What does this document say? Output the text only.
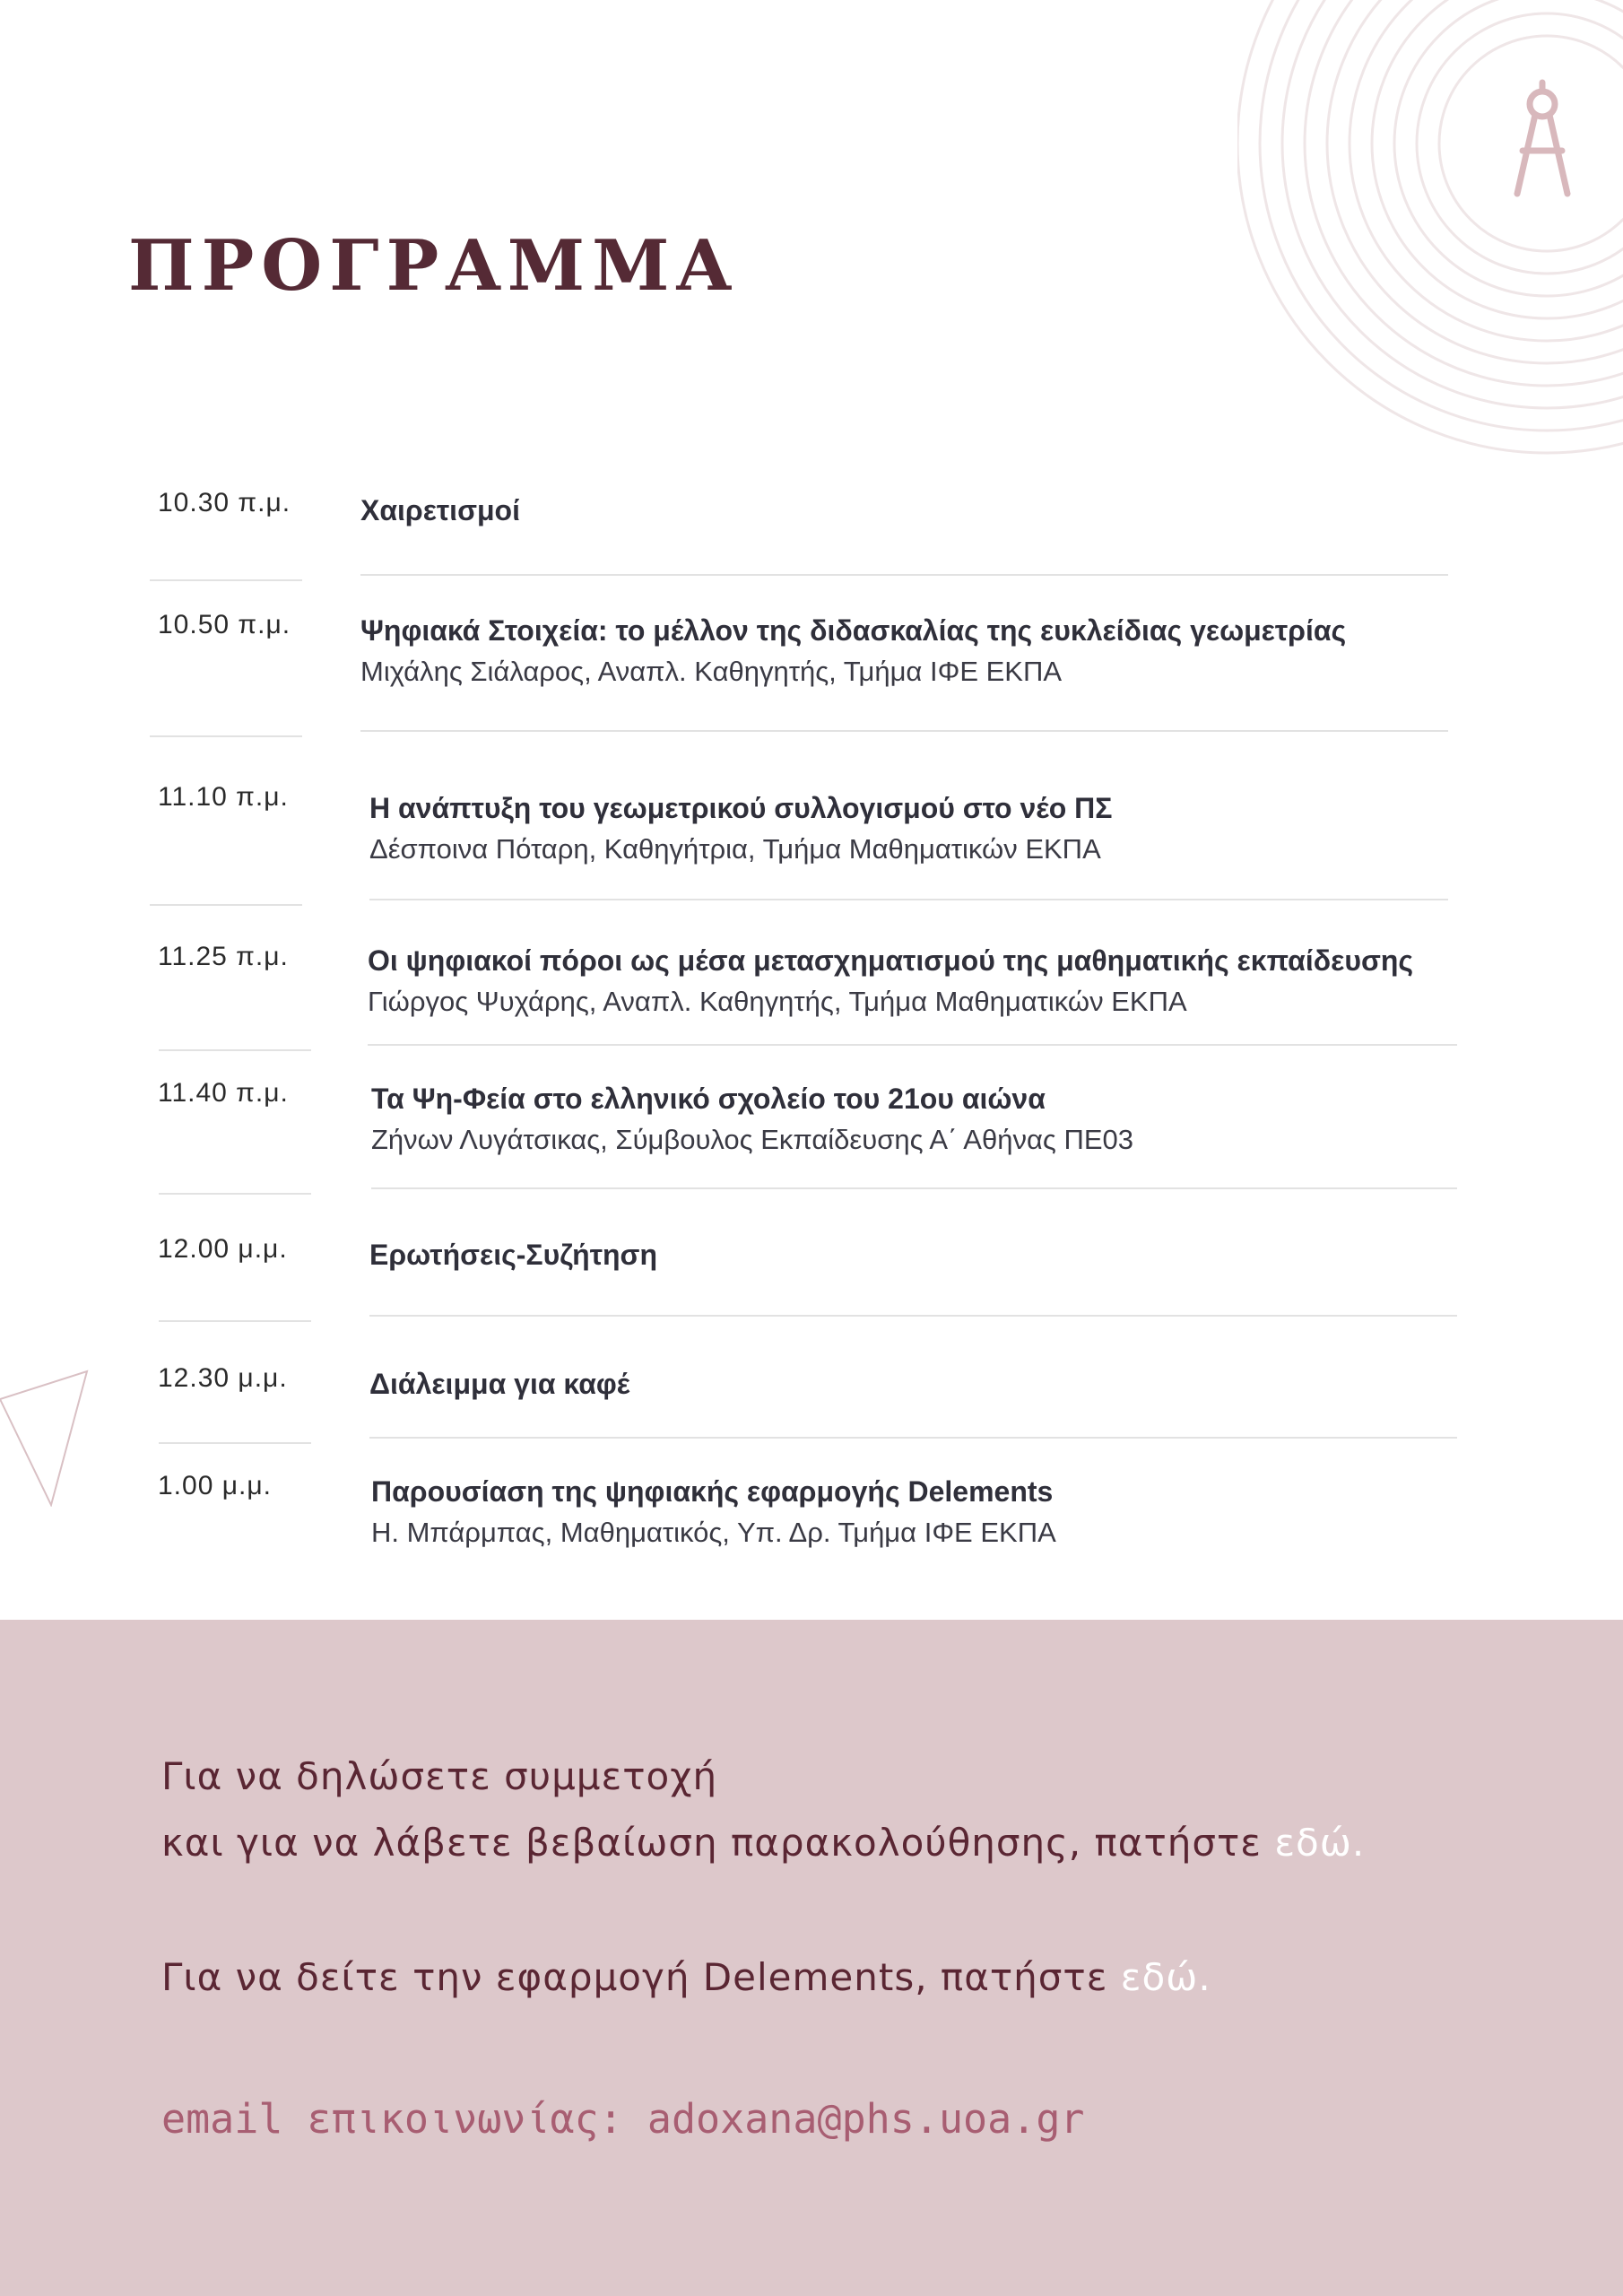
ΠΡΟΓΡΑΜΜΑ
10.30 π.μ. Χαιρετισμοί
10.50 π.μ. Ψηφιακά Στοιχεία: το μέλλον της διδασκαλίας της ευκλείδιας γεωμετρίας
Μιχάλης Σιάλαρος, Αναπλ. Καθηγητής, Τμήμα ΙΦΕ ΕΚΠΑ
11.10 π.μ.	Η ανάπτυξη του γεωμετρικού συλλογισμού στο νέο ΠΣ
Δέσποινα Πόταρη, Καθηγήτρια, Τμήμα Μαθηματικών ΕΚΠΑ
11.25 π.μ.	Οι ψηφιακοί πόροι ως μέσα μετασχηματισμού της μαθηματικής εκπαίδευσης
Γιώργος Ψυχάρης, Αναπλ. Καθηγητής, Τμήμα Μαθηματικών ΕΚΠΑ
11.40 π.μ.	Τα Ψη-Φεία στο ελληνικό σχολείο του 21ου αιώνα
Ζήνων Λυγάτσικας, Σύμβουλος Εκπαίδευσης Α΄ Αθήνας ΠΕ03
12.00 μ.μ.	Ερωτήσεις-Συζήτηση
12.30 μ.μ.	Διάλειμμα για καφέ
1.00 μ.μ.	Παρουσίαση της ψηφιακής εφαρμογής Delements
Η. Μπάρμπας, Μαθηματικός, Υπ. Δρ. Τμήμα ΙΦΕ ΕΚΠΑ
Για να δηλώσετε συμμετοχή
και για να λάβετε βεβαίωση παρακολούθησης, πατήστε εδώ.
Για να δείτε την εφαρμογή Delements, πατήστε εδώ.
email επικοινωνίας: adoxana@phs.uoa.gr
